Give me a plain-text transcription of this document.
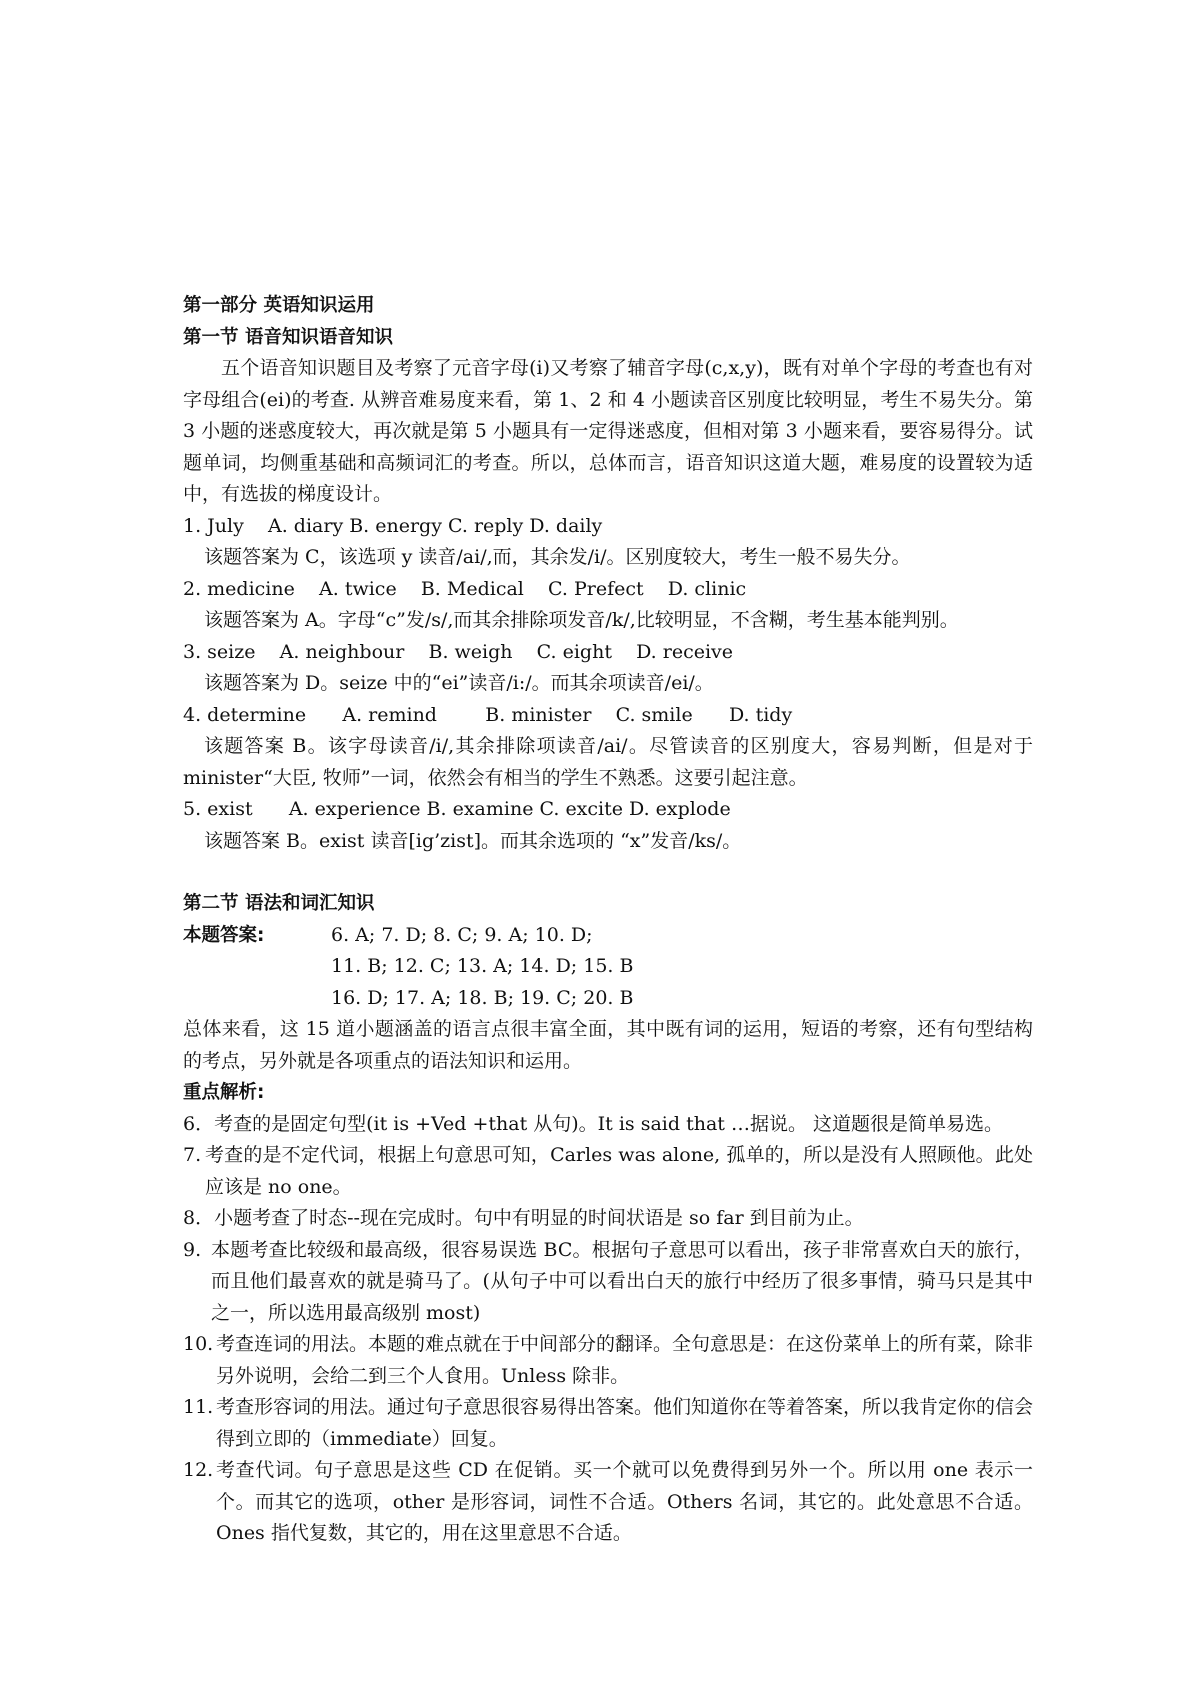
第一部分 英语知识运用
第一节 语音知识语音知识
五个语音知识题目及考察了元音字母(i)又考察了辅音字母(c,x,y)，既有对单个字母的考查也有对字母组合(ei)的考查. 从辨音难易度来看，第 1、2 和 4 小题读音区别度比较明显，考生不易失分。第 3 小题的迷惑度较大，再次就是第 5 小题具有一定得迷惑度，但相对第 3 小题来看，要容易得分。试题单词，均侧重基础和高频词汇的考查。所以，总体而言，语音知识这道大题，难易度的设置较为适中，有选拔的梯度设计。
1. July    A. diary B. energy C. reply D. daily
该题答案为 C，该选项 y 读音/ai/,而，其余发/i/。区别度较大，考生一般不易失分。
2. medicine    A. twice    B. Medical    C. Prefect    D. clinic
该题答案为 A。字母“c”发/s/,而其余排除项发音/k/,比较明显，不含糊，考生基本能判别。
3. seize    A. neighbour    B. weigh    C. eight    D. receive
该题答案为 D。seize 中的“ei”读音/i:/。而其余项读音/ei/。
4. determine      A. remind        B. minister    C. smile      D. tidy
该题答案 B。该字母读音/i/,其余排除项读音/ai/。尽管读音的区别度大，容易判断，但是对于 minister“大臣, 牧师”一词，依然会有相当的学生不熟悉。这要引起注意。
5. exist      A. experience B. examine C. excite D. explode
该题答案 B。exist 读音[ig’zist]。而其余选项的 “x”发音/ks/。
第二节 语法和词汇知识
本题答案:	6. A; 7. D; 8. C; 9. A; 10. D;
11. B; 12. C; 13. A; 14. D; 15. B
16. D; 17. A; 18. B; 19. C; 20. B
总体来看，这 15 道小题涵盖的语言点很丰富全面，其中既有词的运用，短语的考察，还有句型结构的考点，另外就是各项重点的语法知识和运用。
重点解析:
6． 考查的是固定句型(it is +Ved +that 从句)。It is said that …据说。 这道题很是简单易选。
7.
考查的是不定代词，根据上句意思可知，Carles was alone, 孤单的，所以是没有人照顾他。此处应该是 no one。
8． 小题考查了时态--现在完成时。句中有明显的时间状语是 so far 到目前为止。
9. 本题考查比较级和最高级，很容易误选 BC。根据句子意思可以看出，孩子非常喜欢白天的旅行，而且他们最喜欢的就是骑马了。(从句子中可以看出白天的旅行中经历了很多事情，骑马只是其中之一，所以选用最高级别 most)
10.
考查连词的用法。本题的难点就在于中间部分的翻译。全句意思是：在这份菜单上的所有菜，除非另外说明，会给二到三个人食用。Unless 除非。
11.
考查形容词的用法。通过句子意思很容易得出答案。他们知道你在等着答案，所以我肯定你的信会得到立即的（immediate）回复。
12.
考查代词。句子意思是这些 CD 在促销。买一个就可以免费得到另外一个。所以用 one 表示一个。而其它的选项，other 是形容词，词性不合适。Others 名词，其它的。此处意思不合适。 Ones 指代复数，其它的，用在这里意思不合适。
